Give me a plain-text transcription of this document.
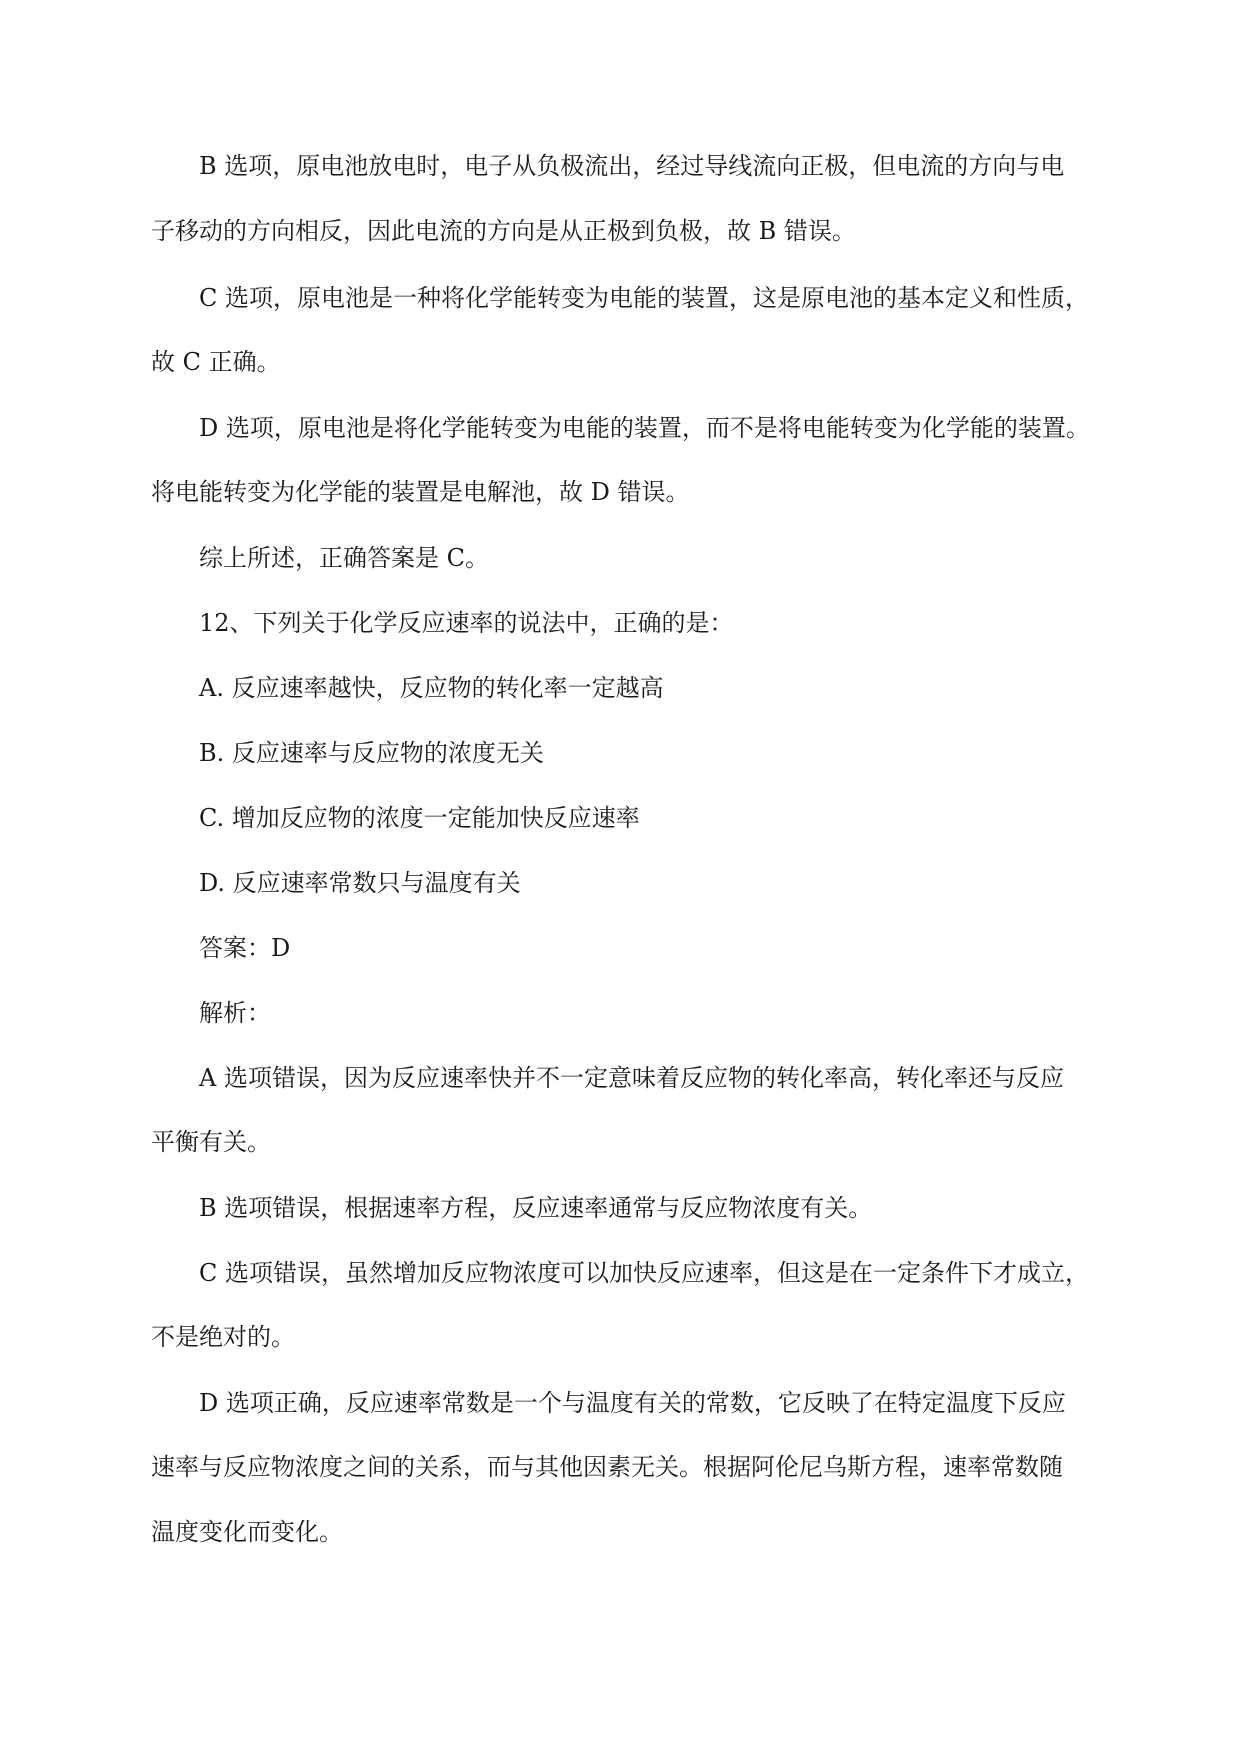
B 选项，原电池放电时，电子从负极流出，经过导线流向正极，但电流的方向与电

子移动的方向相反，因此电流的方向是从正极到负极，故 B 错误。

C 选项，原电池是一种将化学能转变为电能的装置，这是原电池的基本定义和性质，

故 C 正确。

D 选项，原电池是将化学能转变为电能的装置，而不是将电能转变为化学能的装置。

将电能转变为化学能的装置是电解池，故 D 错误。

综上所述，正确答案是 C。

12、下列关于化学反应速率的说法中，正确的是：

A. 反应速率越快，反应物的转化率一定越高

B. 反应速率与反应物的浓度无关

C. 增加反应物的浓度一定能加快反应速率

D. 反应速率常数只与温度有关

答案：D

解析：

A 选项错误，因为反应速率快并不一定意味着反应物的转化率高，转化率还与反应

平衡有关。

B 选项错误，根据速率方程，反应速率通常与反应物浓度有关。

C 选项错误，虽然增加反应物浓度可以加快反应速率，但这是在一定条件下才成立，

不是绝对的。

D 选项正确，反应速率常数是一个与温度有关的常数，它反映了在特定温度下反应

速率与反应物浓度之间的关系，而与其他因素无关。根据阿伦尼乌斯方程，速率常数随

温度变化而变化。
